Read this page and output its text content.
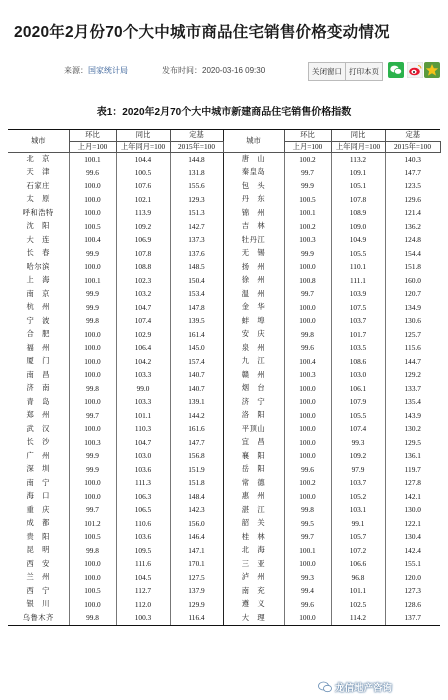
2020年2月份70个大中城市商品住宅销售价格变动情况
来源：国家统计局	发布时间：2020-03-16 09:30	关闭窗口 打印本页
表1：2020年2月70个大中城市新建商品住宅销售价格指数
城市	环比	同比	定基	城市	环比	同比	定基
	上月=100	上年同月=100	2015年=100		上月=100	上年同月=100	2015年=100
北　京	100.1	104.4	144.8	唐　山	100.2	113.2	140.3
天　津	99.6	100.5	131.8	秦皇岛	99.7	109.1	147.7
石家庄	100.0	107.6	155.6	包　头	99.9	105.1	123.5
太　原	100.0	102.1	129.3	丹　东	100.5	107.8	129.6
呼和浩特	100.0	113.9	151.3	锦　州	100.1	108.9	121.4
沈　阳	100.5	109.2	142.7	吉　林	100.2	109.0	136.2
大　连	100.4	106.9	137.3	牡丹江	100.3	104.9	124.8
长　春	99.9	107.8	137.6	无　锡	99.9	105.5	154.4
哈尔滨	100.0	108.8	148.5	扬　州	100.0	110.1	151.8
上　海	100.1	102.3	150.4	徐　州	100.8	111.1	160.0
南　京	99.9	103.2	153.4	温　州	99.7	103.9	120.7
杭　州	99.9	104.7	147.8	金　华	100.0	107.5	134.9
宁　波	99.8	107.4	139.5	蚌　埠	100.0	103.7	130.6
合　肥	100.0	102.9	161.4	安　庆	99.8	101.7	125.7
福　州	100.0	106.4	145.0	泉　州	99.6	103.5	115.6
厦　门	100.0	104.2	157.4	九　江	100.4	108.6	144.7
南　昌	100.0	103.3	140.7	赣　州	100.3	103.0	129.2
济　南	99.8	99.0	140.7	烟　台	100.0	106.1	133.7
青　岛	100.0	103.3	139.1	济　宁	100.0	107.9	135.4
郑　州	99.7	101.1	144.2	洛　阳	100.0	105.5	143.9
武　汉	100.0	110.3	161.6	平顶山	100.0	107.4	130.2
长　沙	100.3	104.7	147.7	宜　昌	100.0	99.3	129.5
广　州	99.9	103.0	156.8	襄　阳	100.0	109.2	136.1
深　圳	99.9	103.6	151.9	岳　阳	99.6	97.9	119.7
南　宁	100.0	111.3	151.8	常　德	100.2	103.7	127.8
海　口	100.0	106.3	148.4	惠　州	100.0	105.2	142.1
重　庆	99.7	106.5	142.3	湛　江	99.8	103.1	130.0
成　都	101.2	110.6	156.0	韶　关	99.5	99.1	122.1
贵　阳	100.5	103.6	146.4	桂　林	99.7	105.7	130.4
昆　明	99.8	109.5	147.1	北　海	100.1	107.2	142.4
西　安	100.0	111.6	170.1	三　亚	100.0	106.6	155.1
兰　州	100.0	104.5	127.5	泸　州	99.3	96.8	120.0
西　宁	100.5	112.7	137.9	南　充	99.4	101.1	127.3
银　川	100.0	112.0	129.9	遵　义	99.6	102.5	128.6
乌鲁木齐	99.8	100.3	116.4	大　理	100.0	114.2	137.7
龙信地产咨询
